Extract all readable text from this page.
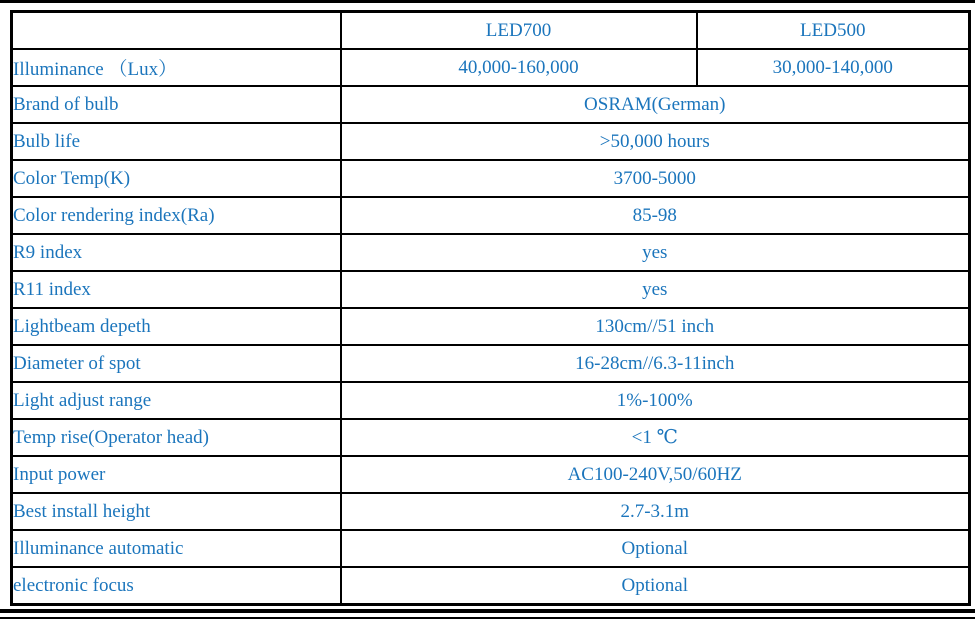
	LED700	LED500
Illuminance （Lux）	40,000-160,000	30,000-140,000
Brand of bulb	OSRAM(German)	
Bulb life	>50,000 hours	
Color Temp(K)	3700-5000	
Color rendering index(Ra)	85-98	
R9 index	yes	
R11 index	yes	
Lightbeam depeth	130cm//51 inch	
Diameter of spot	16-28cm//6.3-11inch	
Light adjust range	1%-100%	
Temp rise(Operator head)	<1 ℃	
Input power	AC100-240V,50/60HZ	
Best install height	2.7-3.1m	
Illuminance automatic	Optional	
electronic focus	Optional	
